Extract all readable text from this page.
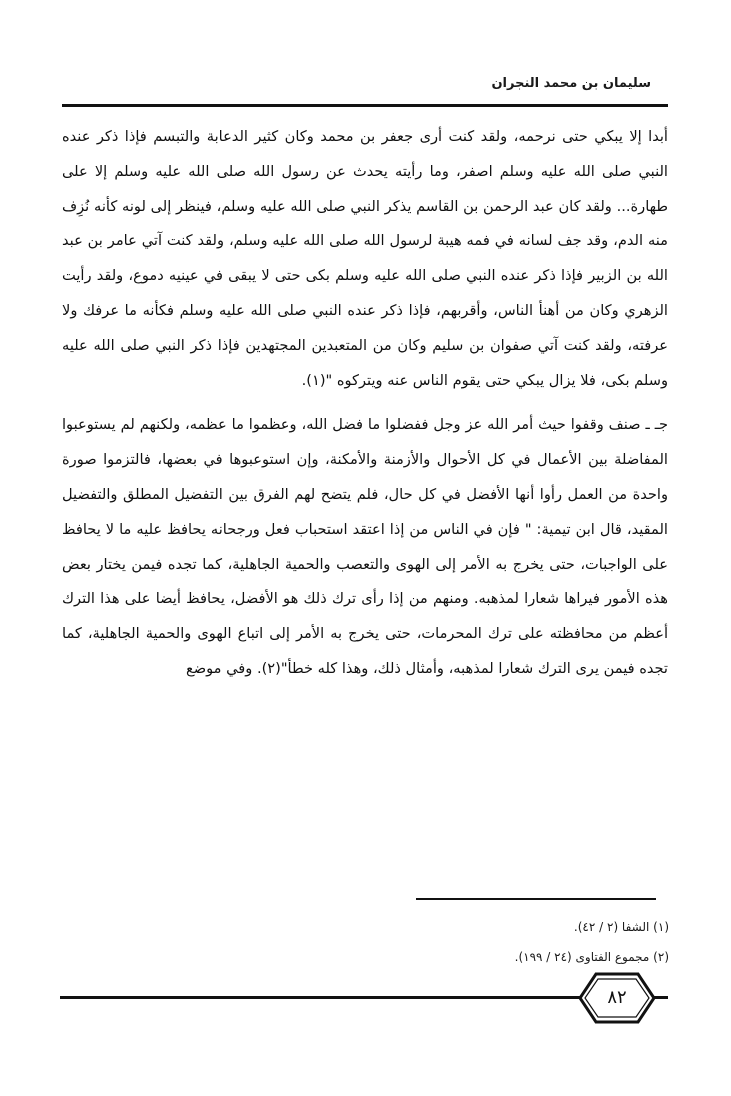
سليمان بن محمد النجران

أبدا إلا يبكي حتى نرحمه، ولقد كنت أرى جعفر بن محمد وكان كثير الدعابة والتبسم فإذا ذكر عنده النبي صلى الله عليه وسلم اصفر، وما رأيته يحدث عن رسول الله صلى الله عليه وسلم إلا على طهارة... ولقد كان عبد الرحمن بن القاسم يذكر النبي صلى الله عليه وسلم، فينظر إلى لونه كأنه نُزِف منه الدم، وقد جف لسانه في فمه هيبة لرسول الله صلى الله عليه وسلم، ولقد كنت آتي عامر بن عبد الله بن الزبير فإذا ذكر عنده النبي صلى الله عليه وسلم بكى حتى لا يبقى في عينيه دموع، ولقد رأيت الزهري وكان من أهنأ الناس، وأقربهم، فإذا ذكر عنده النبي صلى الله عليه وسلم فكأنه ما عرفك ولا عرفته، ولقد كنت آتي صفوان بن سليم وكان من المتعبدين المجتهدين فإذا ذكر النبي صلى الله عليه وسلم بكى، فلا يزال يبكي حتى يقوم الناس عنه ويتركوه "(١).

جـ ـ صنف وقفوا حيث أمر الله عز وجل ففضلوا ما فضل الله، وعظموا ما عظمه، ولكنهم لم يستوعبوا المفاضلة بين الأعمال في كل الأحوال والأزمنة والأمكنة، وإن استوعبوها في بعضها، فالتزموا صورة واحدة من العمل رأوا أنها الأفضل في كل حال، فلم يتضح لهم الفرق بين التفضيل المطلق والتفضيل المقيد، قال ابن تيمية: " فإن في الناس من إذا اعتقد استحباب فعل ورجحانه يحافظ عليه ما لا يحافظ على الواجبات، حتى يخرج به الأمر إلى الهوى والتعصب والحمية الجاهلية، كما تجده فيمن يختار بعض هذه الأمور فيراها شعارا لمذهبه. ومنهم من إذا رأى ترك ذلك هو الأفضل، يحافظ أيضا على هذا الترك أعظم من محافظته على ترك المحرمات، حتى يخرج به الأمر إلى اتباع الهوى والحمية الجاهلية، كما تجده فيمن يرى الترك شعارا لمذهبه، وأمثال ذلك، وهذا كله خطأ"(٢). وفي موضع

(١) الشفا (٢ / ٤٢).

(٢) مجموع الفتاوى (٢٤ / ١٩٩).

٨٢
